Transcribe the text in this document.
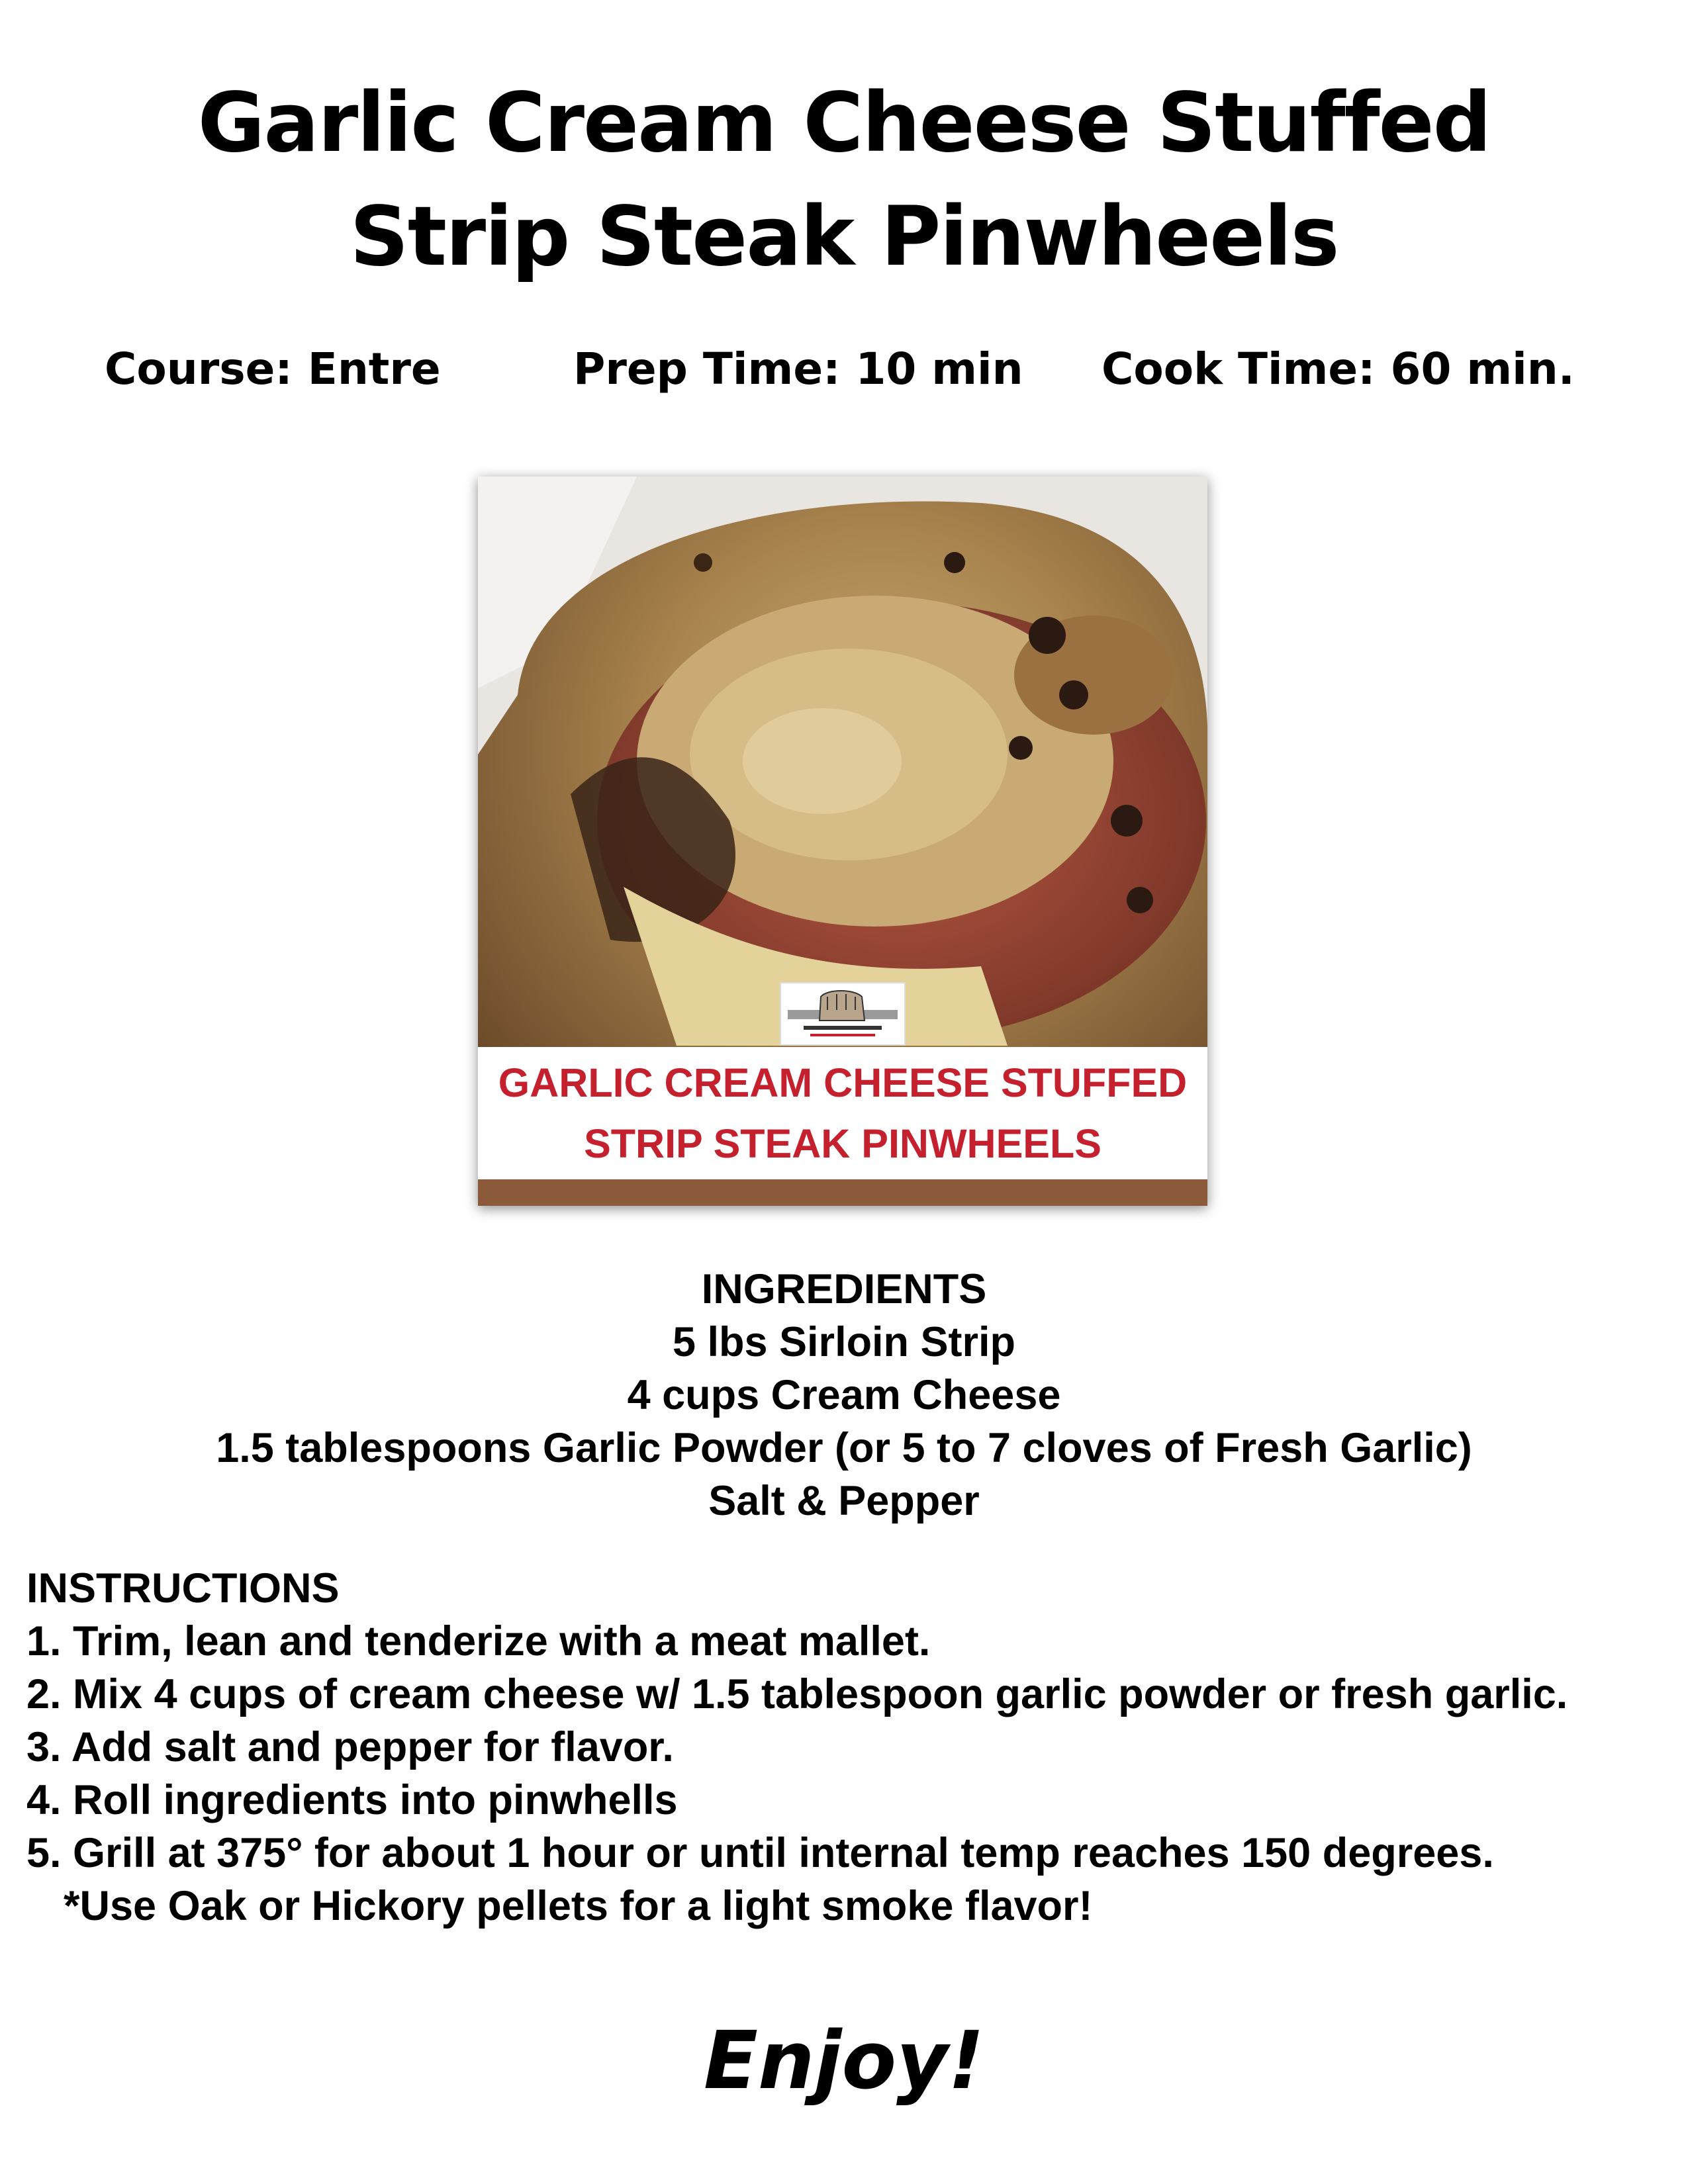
Garlic Cream Cheese Stuffed
Strip Steak Pinwheels
Course: Entre	Prep Time: 10 min Cook Time: 60 min.
GARLIC CREAM CHEESE STUFFED
STRIP STEAK PINWHEELS
INGREDIENTS
5 lbs Sirloin Strip
4 cups Cream Cheese
1.5 tablespoons Garlic Powder (or 5 to 7 cloves of Fresh Garlic)
Salt & Pepper
INSTRUCTIONS
1. Trim, lean and tenderize with a meat mallet.
2. Mix 4 cups of cream cheese w/ 1.5 tablespoon garlic powder or fresh garlic.
3. Add salt and pepper for flavor.
4. Roll ingredients into pinwhells
5. Grill at 375° for about 1 hour or until internal temp reaches 150 degrees.
*Use Oak or Hickory pellets for a light smoke flavor!
Enjoy!
